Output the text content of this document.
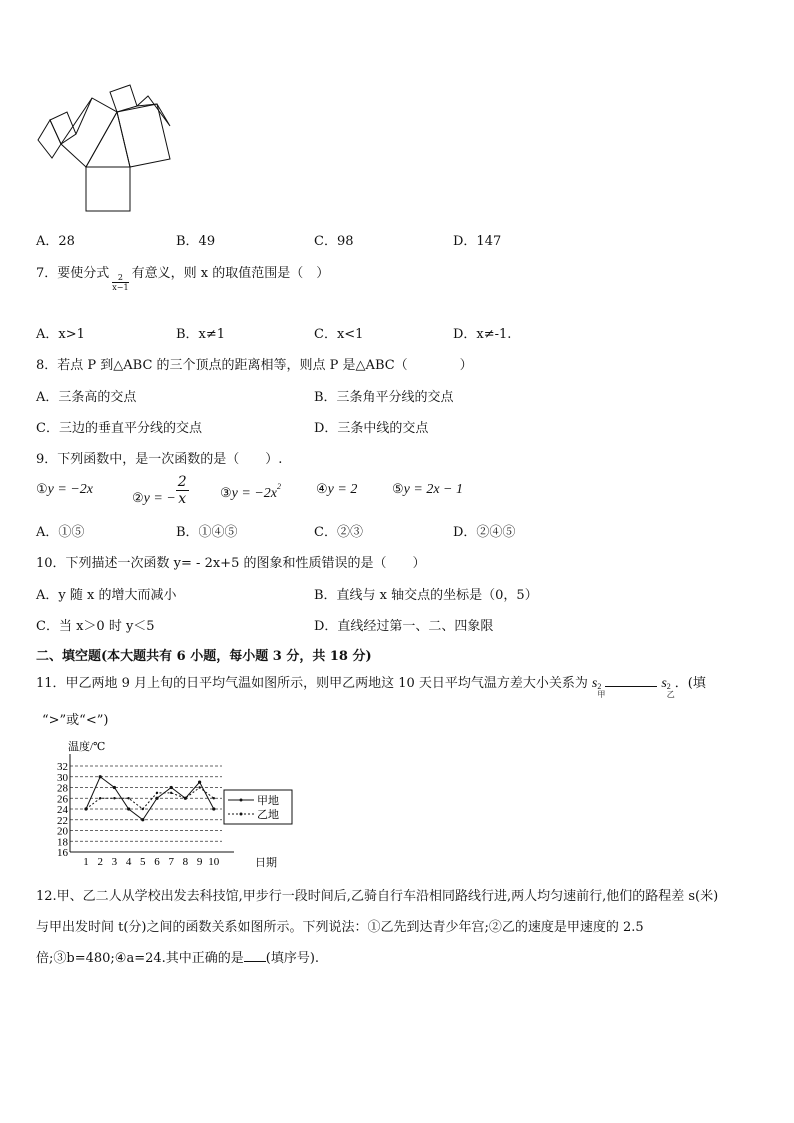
A．28	B．49	C．98	D．147
7．要使分式 $\frac{2}{x-1}$ 有意义，则 x 的取值范围是（　）
A．x>1	B．x≠1	C．x<1	D．x≠-1.
8．若点 P 到△ABC 的三个顶点的距离相等，则点 P 是△ABC（　　　　）
A．三条高的交点	B．三条角平分线的交点
C．三边的垂直平分线的交点	D．三条中线的交点
9．下列函数中，是一次函数的是（　　）.
①y = −2x
②y = − $\frac{2}{x}$ ③y = $-2x^2$	④y = 2	⑤y = 2x − 1
A．①⑤	B．①④⑤	C．②③	D．②④⑤
10．下列描述一次函数 y= - 2x+5 的图象和性质错误的是（　　）
A．y 随 x 的增大而减小	B．直线与 x 轴交点的坐标是（0，5）
C．当 x＞0 时 y＜5	D．直线经过第一、二、四象限
二、填空题(本大题共有 6 小题，每小题 3 分，共 18 分)
11．甲乙两地 9 月上旬的日平均气温如图所示，则甲乙两地这 10 天日平均气温方差大小关系为 s 2
甲
s 2
乙
．(填
“>”或“<”)
温度/℃
日期
16
18
20
22
24
26
28
30
32
1 2 3 4 5 6 7 8 9 10
甲地
乙地
12.甲、乙二人从学校出发去科技馆,甲步行一段时间后,乙骑自行车沿相同路线行进,两人均匀速前行,他们的路程差 s(米)
与甲出发时间 t(分)之间的函数关系如图所示。下列说法：①乙先到达青少年宫;②乙的速度是甲速度的 2.5
倍;③b=480;④a=24.其中正确的是 (填序号).
